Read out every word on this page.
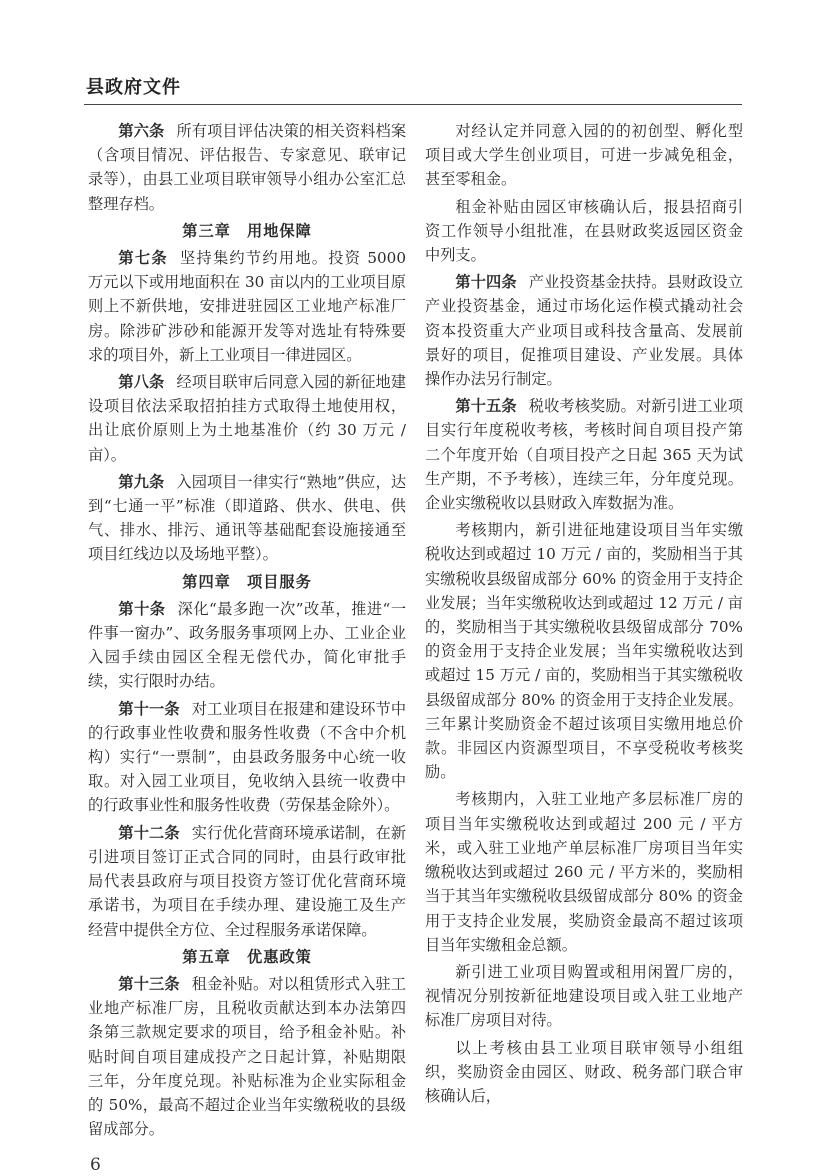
县政府文件

第六条 所有项目评估决策的相关资料档案（含项目情况、评估报告、专家意见、联审记录等），由县工业项目联审领导小组办公室汇总整理存档。

第三章　用地保障

第七条 坚持集约节约用地。投资 5000 万元以下或用地面积在 30 亩以内的工业项目原则上不新供地，安排进驻园区工业地产标准厂房。除涉矿涉砂和能源开发等对选址有特殊要求的项目外，新上工业项目一律进园区。

第八条 经项目联审后同意入园的新征地建设项目依法采取招拍挂方式取得土地使用权，出让底价原则上为土地基准价（约 30 万元 / 亩）。

第九条 入园项目一律实行“熟地”供应，达到“七通一平”标准（即道路、供水、供电、供气、排水、排污、通讯等基础配套设施接通至项目红线边以及场地平整）。

第四章　项目服务

第十条 深化“最多跑一次”改革，推进“一件事一窗办”、政务服务事项网上办、工业企业入园手续由园区全程无偿代办，简化审批手续，实行限时办结。

第十一条 对工业项目在报建和建设环节中的行政事业性收费和服务性收费（不含中介机构）实行“一票制”，由县政务服务中心统一收取。对入园工业项目，免收纳入县统一收费中的行政事业性和服务性收费（劳保基金除外）。

第十二条 实行优化营商环境承诺制，在新引进项目签订正式合同的同时，由县行政审批局代表县政府与项目投资方签订优化营商环境承诺书，为项目在手续办理、建设施工及生产经营中提供全方位、全过程服务承诺保障。

第五章　优惠政策

第十三条 租金补贴。对以租赁形式入驻工业地产标准厂房，且税收贡献达到本办法第四条第三款规定要求的项目，给予租金补贴。补贴时间自项目建成投产之日起计算，补贴期限三年，分年度兑现。补贴标准为企业实际租金的 50%，最高不超过企业当年实缴税收的县级留成部分。

6

对经认定并同意入园的的初创型、孵化型项目或大学生创业项目，可进一步减免租金，甚至零租金。

租金补贴由园区审核确认后，报县招商引资工作领导小组批准，在县财政奖返园区资金中列支。

第十四条 产业投资基金扶持。县财政设立产业投资基金，通过市场化运作模式撬动社会资本投资重大产业项目或科技含量高、发展前景好的项目，促推项目建设、产业发展。具体操作办法另行制定。

第十五条 税收考核奖励。对新引进工业项目实行年度税收考核，考核时间自项目投产第二个年度开始（自项目投产之日起 365 天为试生产期，不予考核），连续三年，分年度兑现。企业实缴税收以县财政入库数据为准。

考核期内，新引进征地建设项目当年实缴税收达到或超过 10 万元 / 亩的，奖励相当于其实缴税收县级留成部分 60% 的资金用于支持企业发展；当年实缴税收达到或超过 12 万元 / 亩的，奖励相当于其实缴税收县级留成部分 70% 的资金用于支持企业发展；当年实缴税收达到或超过 15 万元 / 亩的，奖励相当于其实缴税收县级留成部分 80% 的资金用于支持企业发展。三年累计奖励资金不超过该项目实缴用地总价款。非园区内资源型项目，不享受税收考核奖励。

考核期内，入驻工业地产多层标准厂房的项目当年实缴税收达到或超过 200 元 / 平方米，或入驻工业地产单层标准厂房项目当年实缴税收达到或超过 260 元 / 平方米的，奖励相当于其当年实缴税收县级留成部分 80% 的资金用于支持企业发展，奖励资金最高不超过该项目当年实缴租金总额。

新引进工业项目购置或租用闲置厂房的，视情况分别按新征地建设项目或入驻工业地产标准厂房项目对待。

以上考核由县工业项目联审领导小组组织，奖励资金由园区、财政、税务部门联合审核确认后，
